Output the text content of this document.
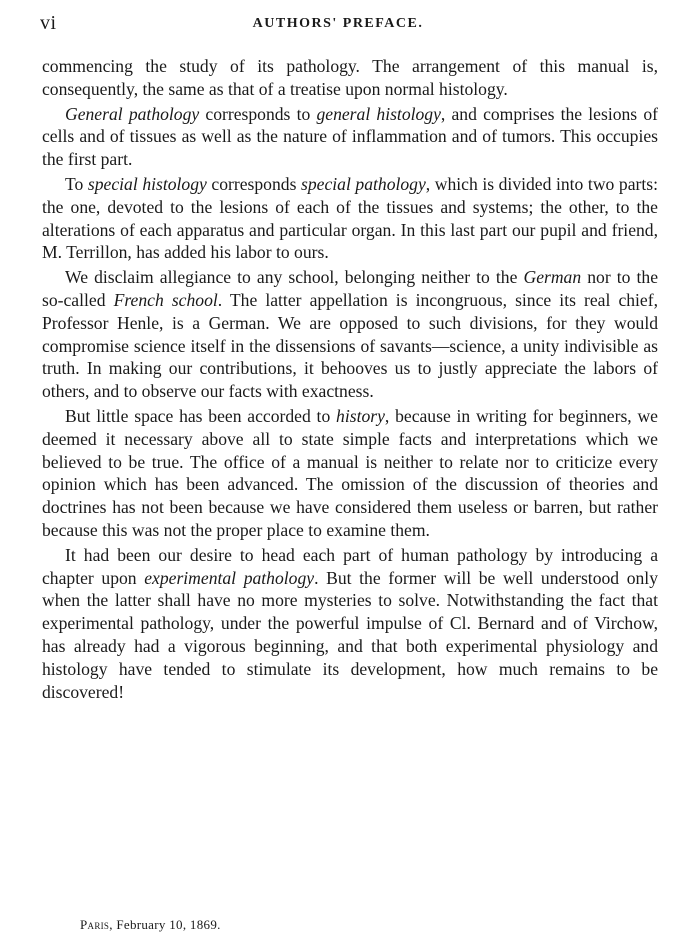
vi	AUTHORS' PREFACE.

commencing the study of its pathology. The arrangement of this manual is, consequently, the same as that of a treatise upon normal histology.

General pathology corresponds to general histology, and comprises the lesions of cells and of tissues as well as the nature of inflammation and of tumors. This occupies the first part.

To special histology corresponds special pathology, which is divided into two parts: the one, devoted to the lesions of each of the tissues and systems; the other, to the alterations of each apparatus and particular organ. In this last part our pupil and friend, M. Terrillon, has added his labor to ours.

We disclaim allegiance to any school, belonging neither to the German nor to the so-called French school. The latter appellation is incongruous, since its real chief, Professor Henle, is a German. We are opposed to such divisions, for they would compromise science itself in the dissensions of savants—science, a unity indivisible as truth. In making our contributions, it behooves us to justly appreciate the labors of others, and to observe our facts with exactness.

But little space has been accorded to history, because in writing for beginners, we deemed it necessary above all to state simple facts and interpretations which we believed to be true. The office of a manual is neither to relate nor to criticize every opinion which has been advanced. The omission of the discussion of theories and doctrines has not been because we have considered them useless or barren, but rather because this was not the proper place to examine them.

It had been our desire to head each part of human pathology by introducing a chapter upon experimental pathology. But the former will be well understood only when the latter shall have no more mysteries to solve. Notwithstanding the fact that experimental pathology, under the powerful impulse of Cl. Bernard and of Virchow, has already had a vigorous beginning, and that both experimental physiology and histology have tended to stimulate its development, how much remains to be discovered!

Paris, February 10, 1869.
